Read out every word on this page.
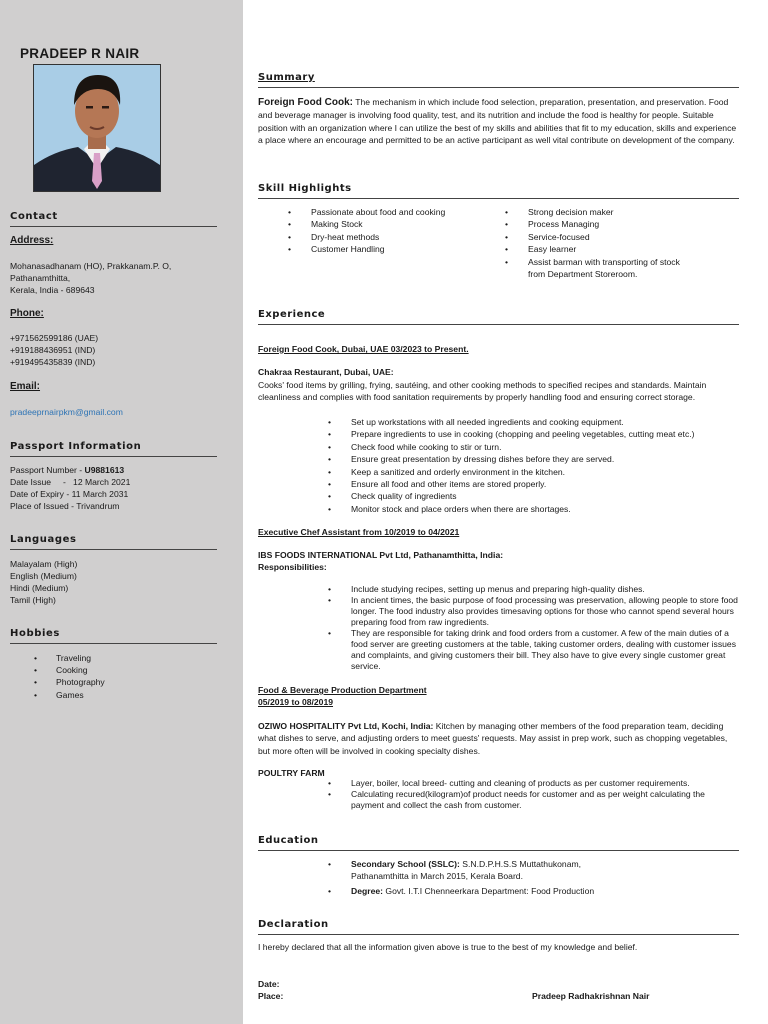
PRADEEP R NAIR
Contact
Address:
Mohanasadhanam (HO), Prakkanam.P. O,
Pathanamthitta,
Kerala, India - 689643
Phone:
+971562599186 (UAE)
+919188436951 (IND)
+919495435839 (IND)
Email:
pradeeprnairpkm@gmail.com
Passport Information
Passport Number - U9881613
Date Issue     -   12 March 2021
Date of Expiry - 11 March 2031
Place of Issued - Trivandrum
Languages
Malayalam (High)
English (Medium)
Hindi (Medium)
Tamil (High)
Hobbies
• Traveling
• Cooking
• Photography
• Games
Summary
Foreign Food Cook: The mechanism in which include food selection, preparation, presentation, and preservation. Food and beverage manager is involving food quality, test, and its nutrition and include the food is healthy for people. Suitable position with an organization where I can utilize the best of my skills and abilities that fit to my education, skills and experience a place where an encourage and permitted to be an active participant as well vital contribute on development of the company.
Skill Highlights
• Passionate about food and cooking
• Making Stock
• Dry-heat methods
• Customer Handling
• Strong decision maker
• Process Managing
• Service-focused
• Easy learner
• Assist barman with transporting of stock from Department Storeroom.
Experience
Foreign Food Cook, Dubai, UAE 03/2023 to Present.
Chakraa Restaurant, Dubai, UAE:
Cooks' food items by grilling, frying, sautéing, and other cooking methods to specified recipes and standards. Maintain cleanliness and complies with food sanitation requirements by properly handling food and ensuring correct storage.
• Set up workstations with all needed ingredients and cooking equipment.
• Prepare ingredients to use in cooking (chopping and peeling vegetables, cutting meat etc.)
• Check food while cooking to stir or turn.
• Ensure great presentation by dressing dishes before they are served.
• Keep a sanitized and orderly environment in the kitchen.
• Ensure all food and other items are stored properly.
• Check quality of ingredients
• Monitor stock and place orders when there are shortages.
Executive Chef Assistant from 10/2019 to 04/2021
IBS FOODS INTERNATIONAL Pvt Ltd, Pathanamthitta, India:
Responsibilities:
• Include studying recipes, setting up menus and preparing high-quality dishes.
• In ancient times, the basic purpose of food processing was preservation, allowing people to store food longer. The food industry also provides timesaving options for those who cannot spend several hours preparing food from raw ingredients.
• They are responsible for taking drink and food orders from a customer. A few of the main duties of a food server are greeting customers at the table, taking customer orders, dealing with customer issues and complaints, and giving customers their bill. They also have to give every single customer great service.
Food & Beverage Production Department
05/2019 to 08/2019
OZIWO HOSPITALITY Pvt Ltd, Kochi, India: Kitchen by managing other members of the food preparation team, deciding what dishes to serve, and adjusting orders to meet guests' requests. May assist in prep work, such as chopping vegetables, but more often will be involved in cooking specialty dishes.
POULTRY FARM
• Layer, boiler, local breed- cutting and cleaning of products as per customer requirements.
• Calculating recured(kilogram)of product needs for customer and as per weight calculating the payment and collect the cash from customer.
Education
• Secondary School (SSLC): S.N.D.P.H.S.S Muttathukonam, Pathanamthitta in March 2015, Kerala Board.
• Degree: Govt. I.T.I Chenneerkara Department: Food Production
Declaration
I hereby declared that all the information given above is true to the best of my knowledge and belief.
Date:
Place:	Pradeep Radhakrishnan Nair
